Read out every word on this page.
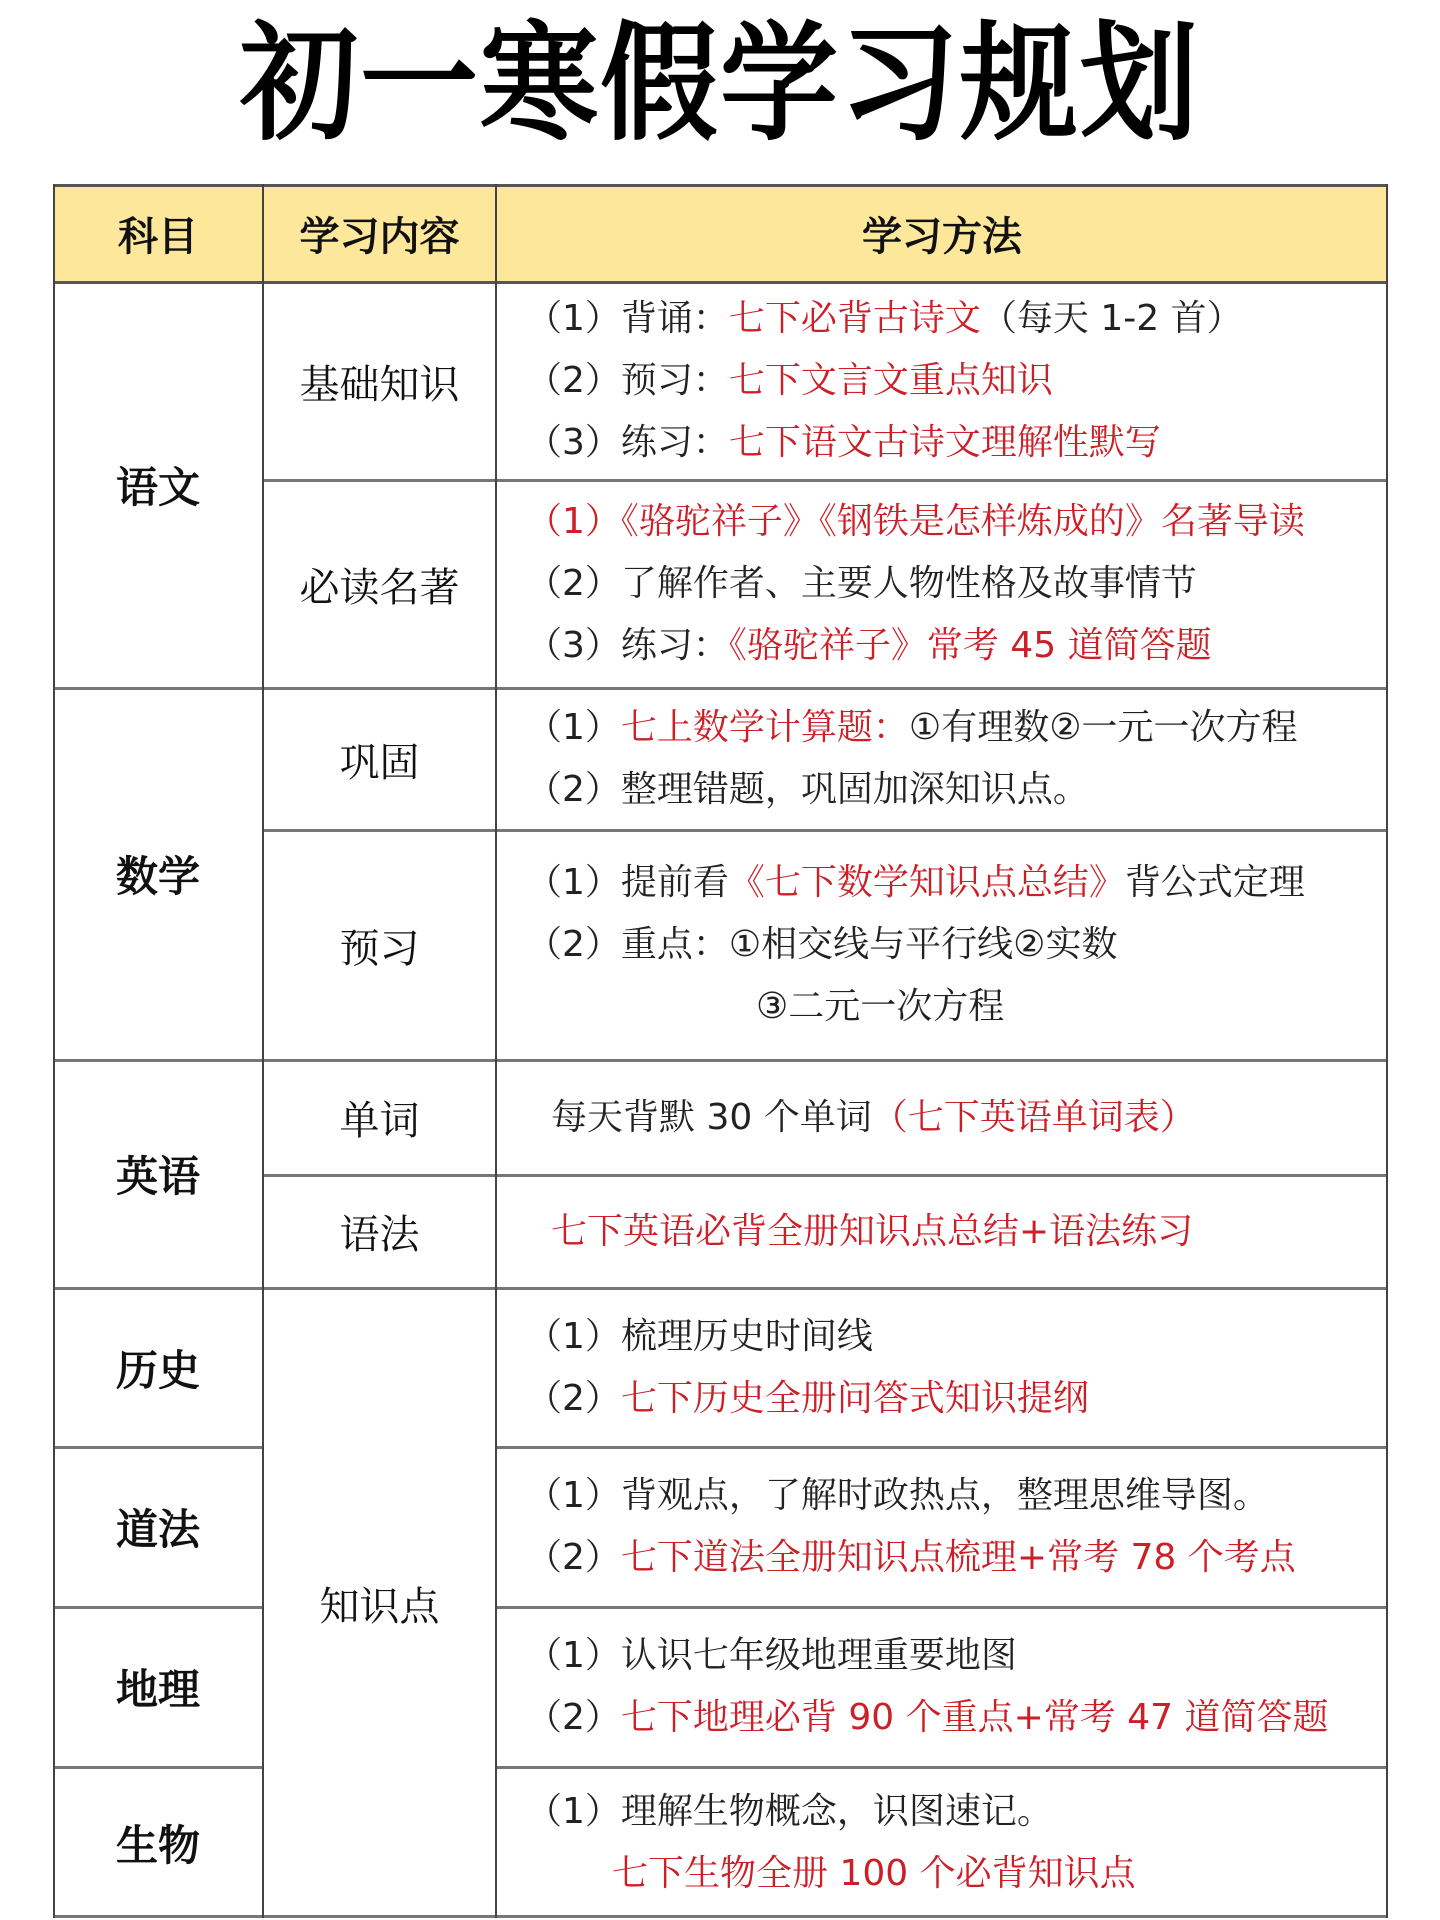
初一寒假学习规划
科目	学习内容	学习方法
语文
数学
英语
历史
道法
地理
生物
基础知识
必读名著
巩固
预习
单词
语法
知识点
（1）背诵：七下必背古诗文（每天 1-2 首）
（2）预习：七下文言文重点知识
（3）练习：七下语文古诗文理解性默写
（1）《骆驼祥子》《钢铁是怎样炼成的》名著导读
（2）了解作者、主要人物性格及故事情节
（3）练习：《骆驼祥子》常考 45 道简答题
（1）七上数学计算题：①有理数②一元一次方程
（2）整理错题，巩固加深知识点。
（1）提前看《七下数学知识点总结》背公式定理
（2）重点：①相交线与平行线②实数
③二元一次方程
每天背默 30 个单词（七下英语单词表）
七下英语必背全册知识点总结+语法练习
（1）梳理历史时间线
（2）七下历史全册问答式知识提纲
（1）背观点，了解时政热点，整理思维导图。
（2）七下道法全册知识点梳理+常考 78 个考点
（1）认识七年级地理重要地图
（2）七下地理必背 90 个重点+常考 47 道简答题
（1）理解生物概念，识图速记。
七下生物全册 100 个必背知识点
